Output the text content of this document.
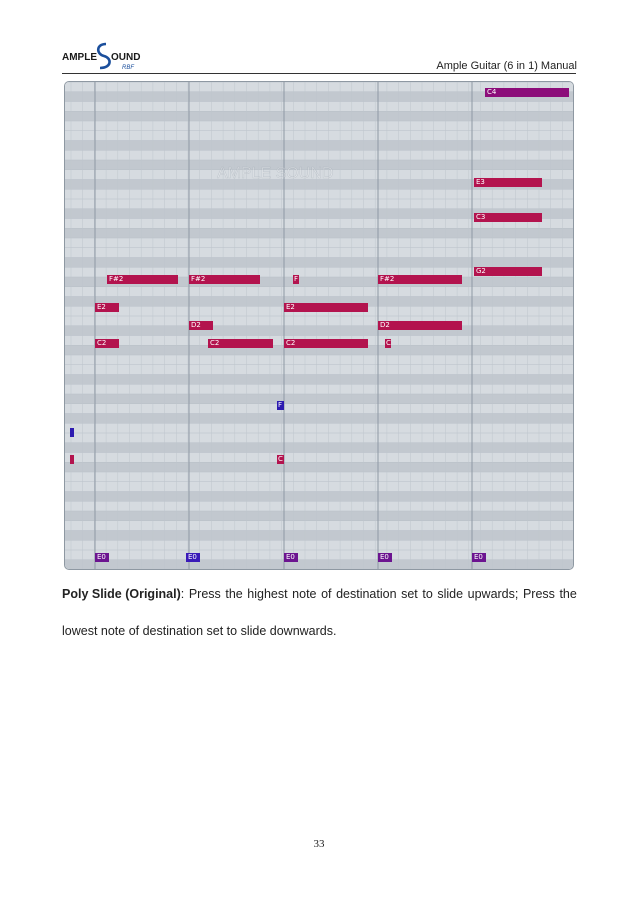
AMPLE OUND
RBF	Ample Guitar (6 in 1) Manual
C4
E3
C3
G2
F#2	F#2	F	F#2
E2	E2
D2	D2
C2	C2	C2	C
F
C
E0	E0	E0	E0	E0
AMPLE SOUND
Poly Slide (Original): Press the highest note of destination set to slide upwards; Press the
lowest note of destination set to slide downwards.
33
